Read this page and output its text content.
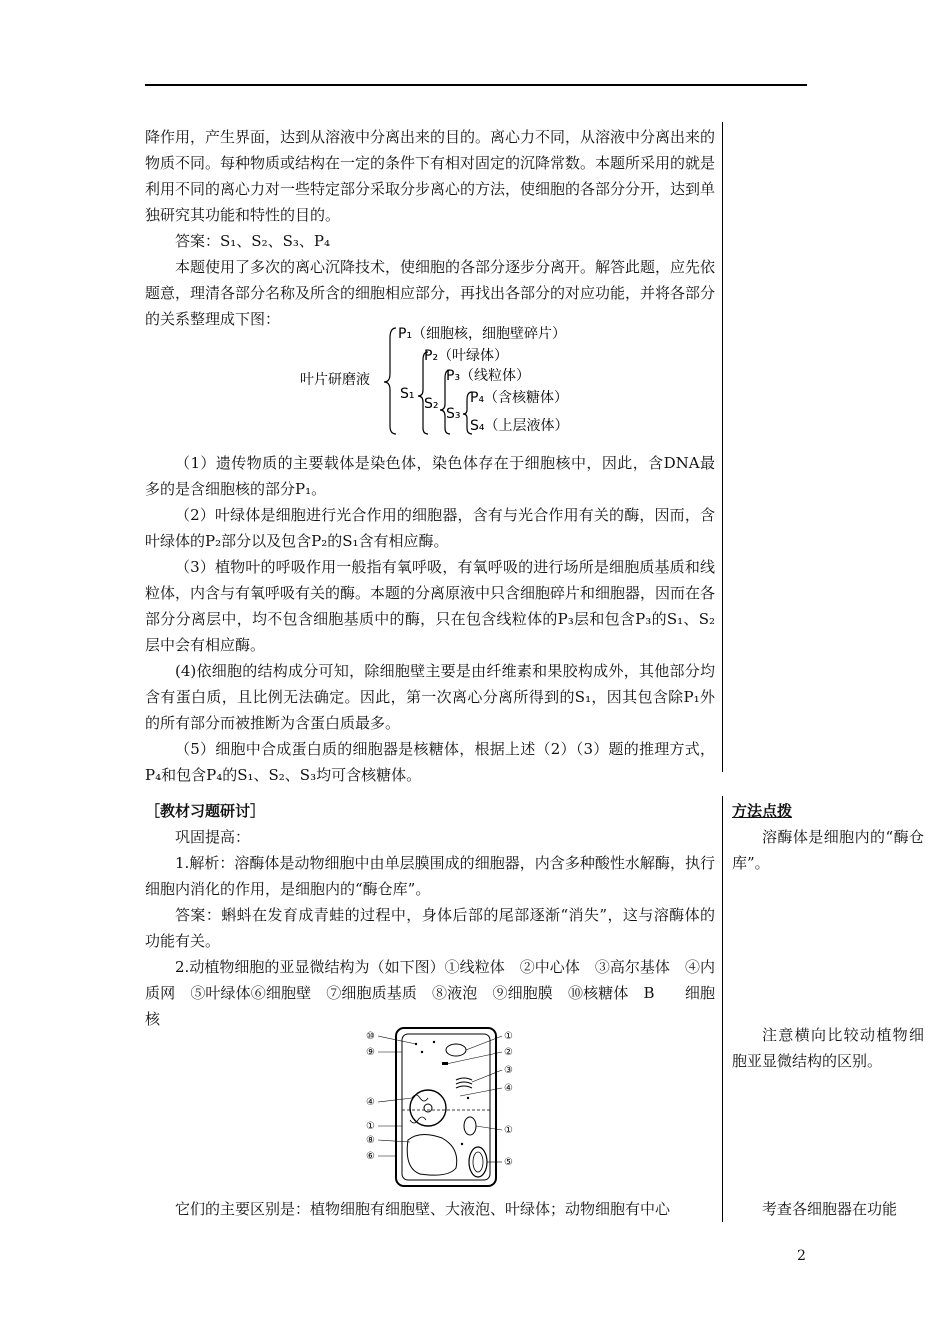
降作用，产生界面，达到从溶液中分离出来的目的。离心力不同，从溶液中分离出来的物质不同。每种物质或结构在一定的条件下有相对固定的沉降常数。本题所采用的就是利用不同的离心力对一些特定部分采取分步离心的方法，使细胞的各部分分开，达到单独研究其功能和特性的目的。

答案：S₁、S₂、S₃、P₄

本题使用了多次的离心沉降技术，使细胞的各部分逐步分离开。解答此题，应先依题意，理清各部分名称及所含的细胞相应部分，再找出各部分的对应功能，并将各部分的关系整理成下图：

叶片研磨液
P₁（细胞核，细胞壁碎片）
S₁
P₂（叶绿体）
S₂
P₃（线粒体）
S₃
P₄（含核糖体）
S₄（上层液体）

（1）遗传物质的主要载体是染色体，染色体存在于细胞核中，因此，含DNA最多的是含细胞核的部分P₁。

（2）叶绿体是细胞进行光合作用的细胞器，含有与光合作用有关的酶，因而，含叶绿体的P₂部分以及包含P₂的S₁含有相应酶。

（3）植物叶的呼吸作用一般指有氧呼吸，有氧呼吸的进行场所是细胞质基质和线粒体，内含与有氧呼吸有关的酶。本题的分离原液中只含细胞碎片和细胞器，因而在各部分分离层中，均不包含细胞基质中的酶，只在包含线粒体的P₃层和包含P₃的S₁、S₂层中会有相应酶。

(4)依细胞的结构成分可知，除细胞壁主要是由纤维素和果胶构成外，其他部分均含有蛋白质，且比例无法确定。因此，第一次离心分离所得到的S₁，因其包含除P₁外的所有部分而被推断为含蛋白质最多。

（5）细胞中合成蛋白质的细胞器是核糖体，根据上述（2）（3）题的推理方式，P₄和包含P₄的S₁、S₂、S₃均可含核糖体。

［教材习题研讨］

巩固提高：

1.解析：溶酶体是动物细胞中由单层膜围成的细胞器，内含多种酸性水解酶，执行细胞内消化的作用，是细胞内的“酶仓库”。

答案：蝌蚪在发育成青蛙的过程中，身体后部的尾部逐渐“消失”，这与溶酶体的功能有关。

2.动植物细胞的亚显微结构为（如下图）①线粒体　②中心体　③高尔基体　④内质网　⑤叶绿体⑥细胞壁　⑦细胞质基质　⑧液泡　⑨细胞膜　⑩核糖体　B　　细胞核

⑩
⑨
④
①
⑧
⑥
①
②
③
④
①
⑤

它们的主要区别是：植物细胞有细胞壁、大液泡、叶绿体；动物细胞有中心

方法点拨

溶酶体是细胞内的“酶仓库”。

注意横向比较动植物细胞亚显微结构的区别。

考查各细胞器在功能

2
